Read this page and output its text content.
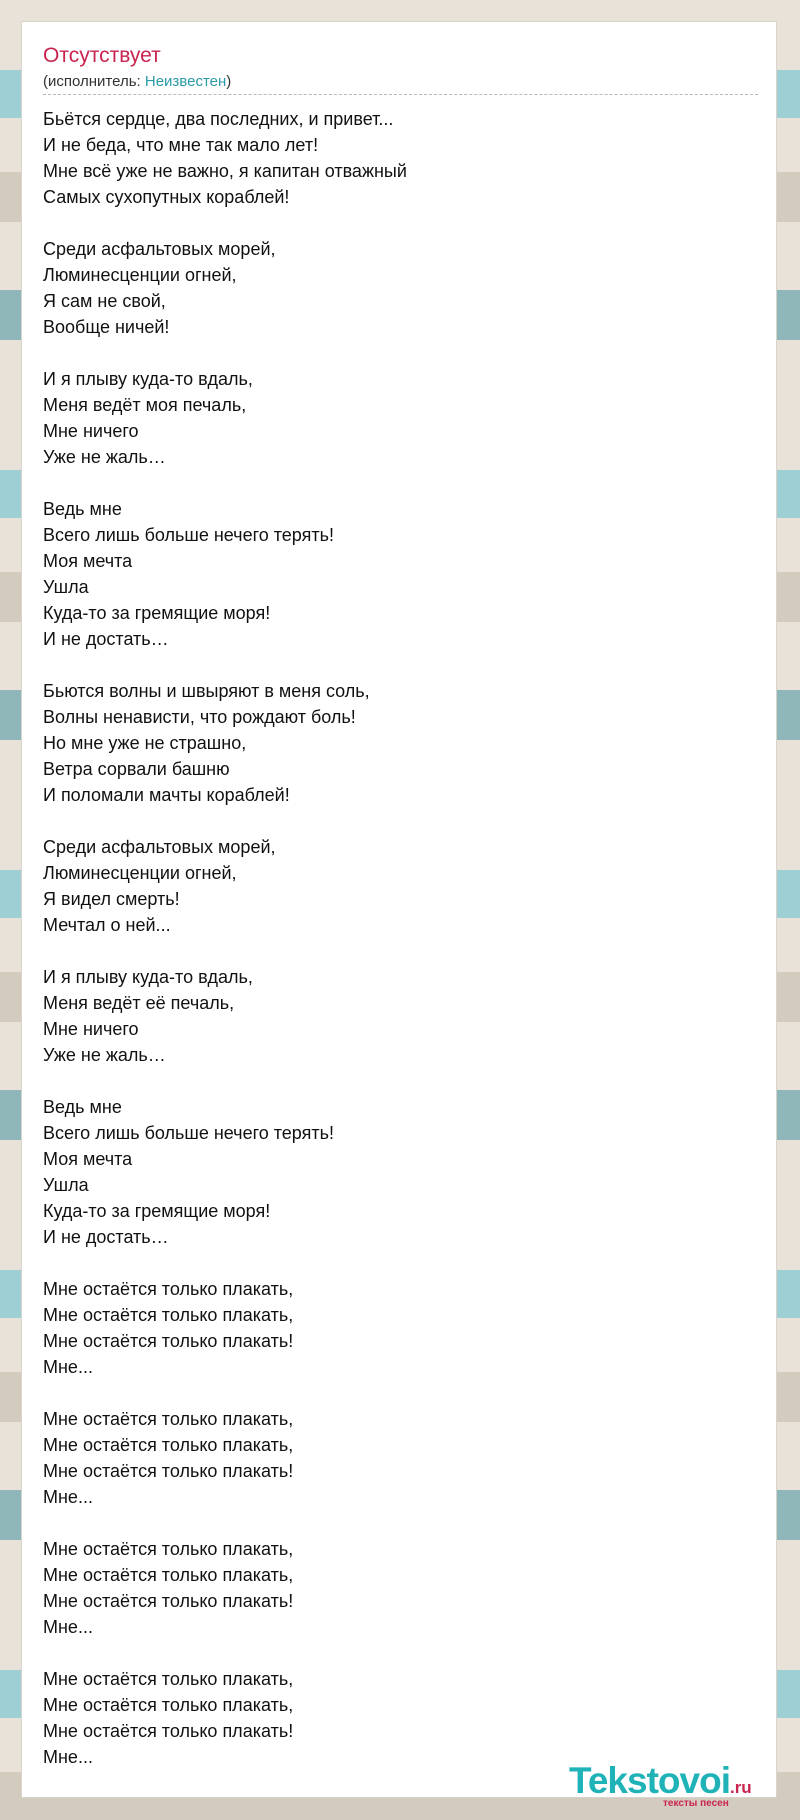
Отсутствует
(исполнитель: Неизвестен)
Бьётся сердце, два последних, и привет...
И не беда, что мне так мало лет!
Мне всё уже не важно, я капитан отважный
Самых сухопутных кораблей!
Среди асфальтовых морей,
Люминесценции огней,
Я сам не свой,
Вообще ничей!
И я плыву куда-то вдаль,
Меня ведёт моя печаль,
Мне ничего
Уже не жаль…
Ведь мне
Всего лишь больше нечего терять!
Моя мечта
Ушла
Куда-то за гремящие моря!
И не достать…
Бьются волны и швыряют в меня соль,
Волны ненависти, что рождают боль!
Но мне уже не страшно,
Ветра сорвали башню
И поломали мачты кораблей!
Среди асфальтовых морей,
Люминесценции огней,
Я видел смерть!
Мечтал о ней...
И я плыву куда-то вдаль,
Меня ведёт её печаль,
Мне ничего
Уже не жаль…
Ведь мне
Всего лишь больше нечего терять!
Моя мечта
Ушла
Куда-то за гремящие моря!
И не достать…
Мне остаётся только плакать,
Мне остаётся только плакать,
Мне остаётся только плакать!
Мне...
Мне остаётся только плакать,
Мне остаётся только плакать,
Мне остаётся только плакать!
Мне...
Мне остаётся только плакать,
Мне остаётся только плакать,
Мне остаётся только плакать!
Мне...
Мне остаётся только плакать,
Мне остаётся только плакать,
Мне остаётся только плакать!
Мне...
Tekstovoi.ru
тексты песен
